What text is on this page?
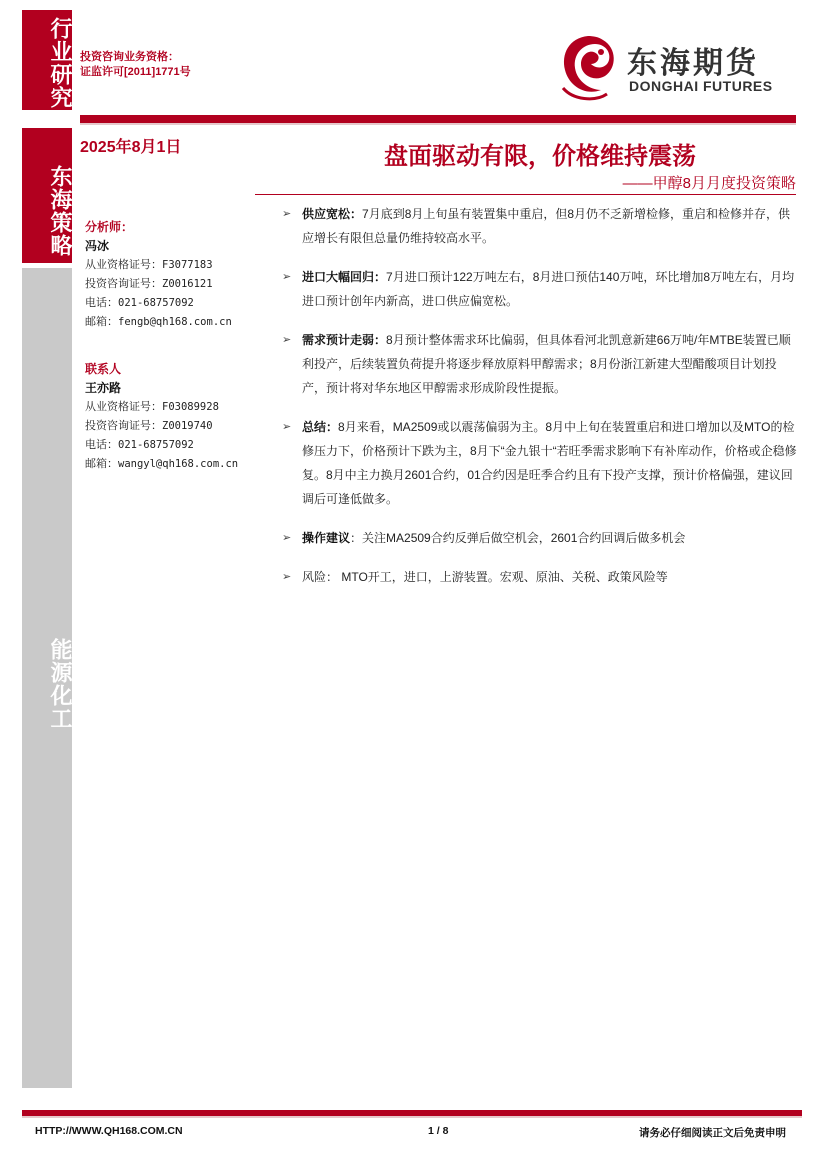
行业研究
东海策略
能源化工
投资咨询业务资格：
证监许可[2011]1771号	东海期货
DONGHAI FUTURES
2025年8月1日	盘面驱动有限，价格维持震荡
——甲醇8月月度投资策略
分析师：
冯冰
从业资格证号：F3077183
投资咨询证号：Z0016121
电话：021-68757092
邮箱：fengb@qh168.com.cn
联系人
王亦路
从业资格证号：F03089928
投资咨询证号：Z0019740
电话：021-68757092
邮箱：wangyl@qh168.com.cn
➢ 供应宽松：7月底到8月上旬虽有装置集中重启，但8月仍不乏新增检修，重启和检修并存，供应增长有限但总量仍维持较高水平。
➢ 进口大幅回归：7月进口预计122万吨左右，8月进口预估140万吨，环比增加8万吨左右，月均进口预计创年内新高，进口供应偏宽松。
➢ 需求预计走弱：8月预计整体需求环比偏弱，但具体看河北凯意新建66万吨/年MTBE装置已顺利投产，后续装置负荷提升将逐步释放原料甲醇需求；8月份浙江新建大型醋酸项目计划投产，预计将对华东地区甲醇需求形成阶段性提振。
➢ 总结：8月来看，MA2509或以震荡偏弱为主。8月中上旬在装置重启和进口增加以及MTO的检修压力下，价格预计下跌为主，8月下“金九银十“若旺季需求影响下有补库动作，价格或企稳修复。8月中主力换月2601合约，01合约因是旺季合约且有下投产支撑，预计价格偏强，建议回调后可逢低做多。
➢ 操作建议：关注MA2509合约反弹后做空机会，2601合约回调后做多机会
➢ 风险： MTO开工，进口，上游装置。宏观、原油、关税、政策风险等
HTTP://WWW.QH168.COM.CN	1 / 8	请务必仔细阅读正文后免责申明
